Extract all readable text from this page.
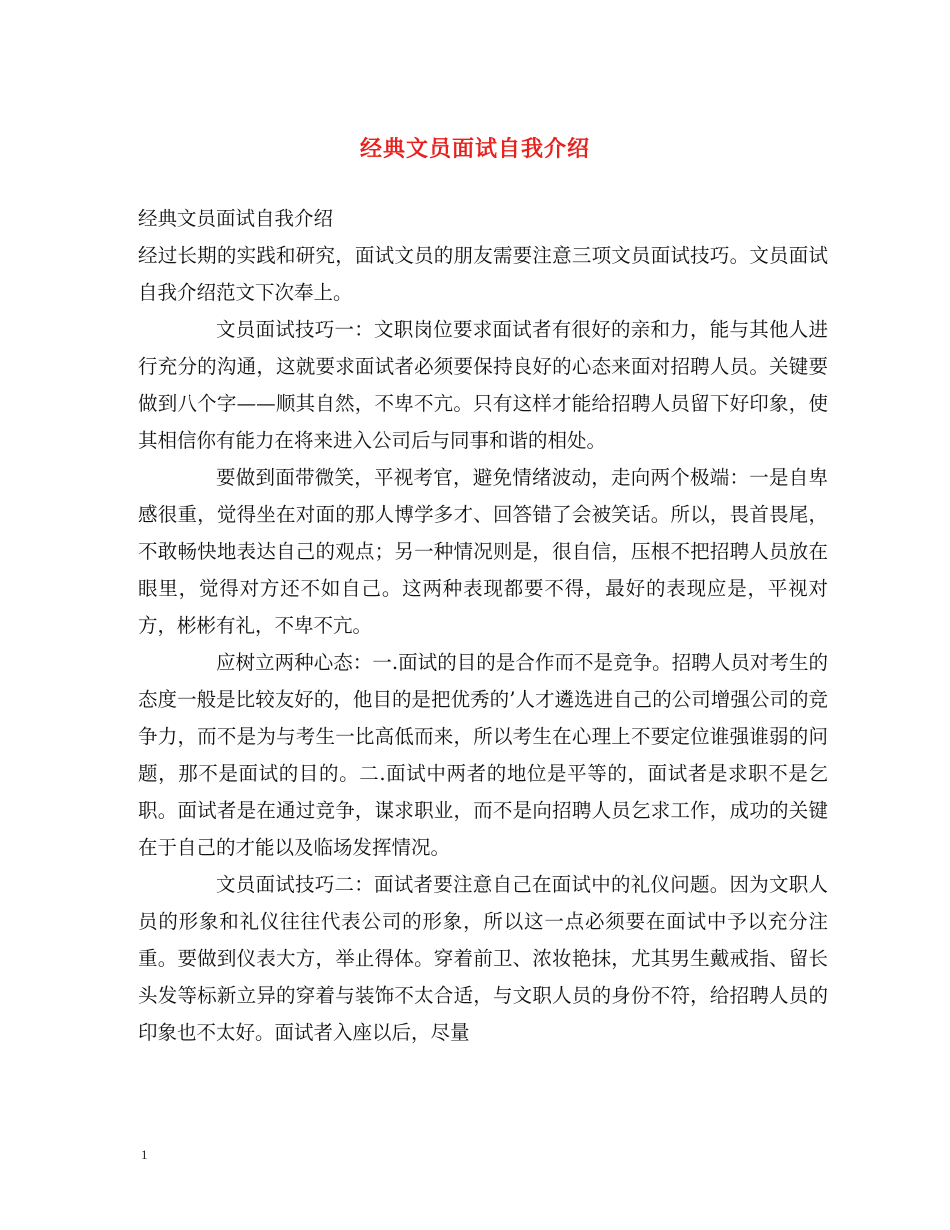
经典文员面试自我介绍

经典文员面试自我介绍

经过长期的实践和研究，面试文员的朋友需要注意三项文员面试技巧。文员面试自我介绍范文下次奉上。

文员面试技巧一：文职岗位要求面试者有很好的亲和力，能与其他人进行充分的沟通，这就要求面试者必须要保持良好的心态来面对招聘人员。关键要做到八个字——顺其自然，不卑不亢。只有这样才能给招聘人员留下好印象，使其相信你有能力在将来进入公司后与同事和谐的相处。

要做到面带微笑，平视考官，避免情绪波动，走向两个极端：一是自卑感很重，觉得坐在对面的那人博学多才、回答错了会被笑话。所以，畏首畏尾，不敢畅快地表达自己的观点；另一种情况则是，很自信，压根不把招聘人员放在眼里，觉得对方还不如自己。这两种表现都要不得，最好的表现应是，平视对方，彬彬有礼，不卑不亢。

应树立两种心态：一.面试的目的是合作而不是竞争。招聘人员对考生的态度一般是比较友好的，他目的是把优秀的’人才遴选进自己的公司增强公司的竞争力，而不是为与考生一比高低而来，所以考生在心理上不要定位谁强谁弱的问题，那不是面试的目的。二.面试中两者的地位是平等的，面试者是求职不是乞职。面试者是在通过竞争，谋求职业，而不是向招聘人员乞求工作，成功的关键在于自己的才能以及临场发挥情况。

文员面试技巧二：面试者要注意自己在面试中的礼仪问题。因为文职人员的形象和礼仪往往代表公司的形象，所以这一点必须要在面试中予以充分注重。要做到仪表大方，举止得体。穿着前卫、浓妆艳抹，尤其男生戴戒指、留长头发等标新立异的穿着与装饰不太合适，与文职人员的身份不符，给招聘人员的印象也不太好。面试者入座以后，尽量

1
